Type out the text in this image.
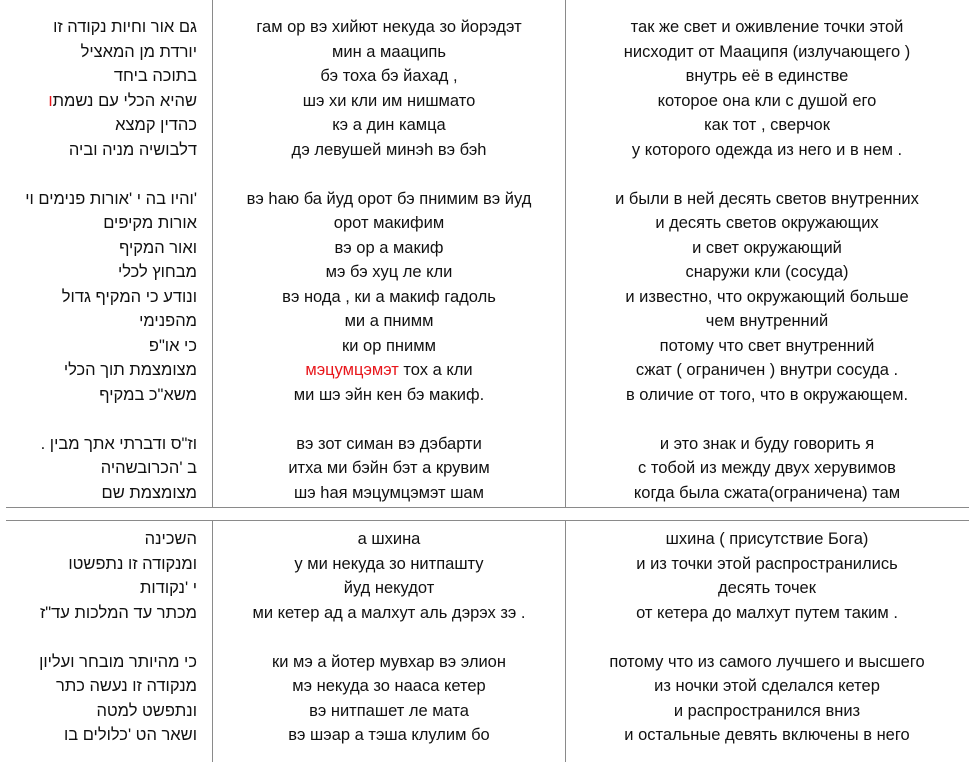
גם אור וחיות נקודה זו
יורדת מן המאציל
בתוכה ביחד
שהיא הכלי עם נשמתו
כהדין קמצא
דלבושיה מניה וביה
'והיו בה י 'אורות פנימים וי
אורות מקיפים
ואור המקיף
מבחוץ לכלי
ונודע כי המקיף גדול
מהפנימי
כי או"פ
מצומצמת תוך הכלי
משא"כ במקיף
וז"ס ודברתי אתך מבין .
ב 'הכרובשהיה
מצומצמת שם
гам ор вэ хийют некуда зо йорэдэт
мин а мааципь
бэ тоха бэ йахад ,
шэ хи кли им нишмато
кэ а дин камца
дэ левушей минэh вэ бэh
вэ hаю ба йуд орот бэ пнимим вэ йуд
орот макифим
вэ ор а макиф
мэ бэ хуц ле кли
вэ нода , ки а макиф гадоль
ми а пнимм
ки ор пнимм
мэцумцэмэт тох а кли
ми шэ эйн кен бэ макиф.
вэ зот симан вэ дэбарти
итха ми бэйн бэт а крувим
шэ hая мэцумцэмэт шам
так же свет и оживление точки этой
нисходит от Мааципя (излучающего )
внутрь её в единстве
которое она кли с душой его
как тот , сверчок
у которого одежда из него и в нем .
и были в ней десять светов внутренних
и десять светов окружающих
и свет окружающий
снаружи кли (сосуда)
и известно, что окружающий больше
чем внутренний
потому что свет внутренний
сжат ( ограничен ) внутри сосуда .
в оличие от того, что в окружающем.
и это знак и буду говорить я
с тобой из между двух херувимов
когда была сжата(ограничена) там
השכינה
ומנקודה זו נתפשטו
י 'נקודות
מכתר עד המלכות עד"ז
כי מהיותר מובחר ועליון
מנקודה זו נעשה כתר
ונתפשט למטה
ושאר הט 'כלולים בו
а шхина
у ми некуда зо нитпашту
йуд некудот
ми кетер ад а малхут аль дэрэх зэ .
ки мэ а йотер мувхар вэ элион
мэ некуда зо нааса кетер
вэ нитпашет ле мата
вэ шэар а тэша клулим бо
шхина ( присутствие Бога)
и из точки этой распространились
десять точек
от кетера до малхут путем таким .
потому что из самого лучшего и высшего
из ночки этой сделался кетер
и распространился вниз
и остальные девять включены в него
